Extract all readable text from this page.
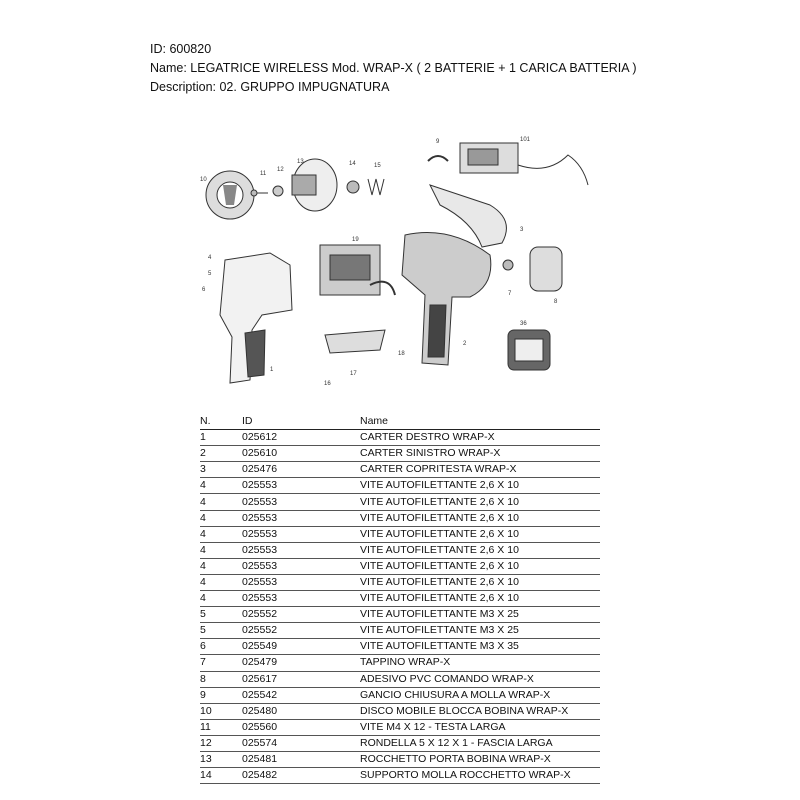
ID: 600820
Name: LEGATRICE WIRELESS Mod. WRAP-X ( 2 BATTERIE + 1 CARICA BATTERIA )
Description: 02. GRUPPO IMPUGNATURA
10
11
12
13	14	15
9	101
3
19
4
5
6
1
18
16
17
2
7
8
36
N.	ID	Name
1	025612	CARTER DESTRO WRAP-X
2	025610	CARTER SINISTRO WRAP-X
3	025476	CARTER COPRITESTA WRAP-X
4	025553	VITE AUTOFILETTANTE 2,6 X 10
4	025553	VITE AUTOFILETTANTE 2,6 X 10
4	025553	VITE AUTOFILETTANTE 2,6 X 10
4	025553	VITE AUTOFILETTANTE 2,6 X 10
4	025553	VITE AUTOFILETTANTE 2,6 X 10
4	025553	VITE AUTOFILETTANTE 2,6 X 10
4	025553	VITE AUTOFILETTANTE 2,6 X 10
4	025553	VITE AUTOFILETTANTE 2,6 X 10
5	025552	VITE AUTOFILETTANTE M3 X 25
5	025552	VITE AUTOFILETTANTE M3 X 25
6	025549	VITE AUTOFILETTANTE M3 X 35
7	025479	TAPPINO WRAP-X
8	025617	ADESIVO PVC COMANDO WRAP-X
9	025542	GANCIO CHIUSURA A MOLLA WRAP-X
10	025480	DISCO MOBILE BLOCCA BOBINA WRAP-X
11	025560	VITE M4 X 12 - TESTA LARGA
12	025574	RONDELLA 5 X 12 X 1 - FASCIA LARGA
13	025481	ROCCHETTO PORTA BOBINA WRAP-X
14	025482	SUPPORTO MOLLA ROCCHETTO WRAP-X
